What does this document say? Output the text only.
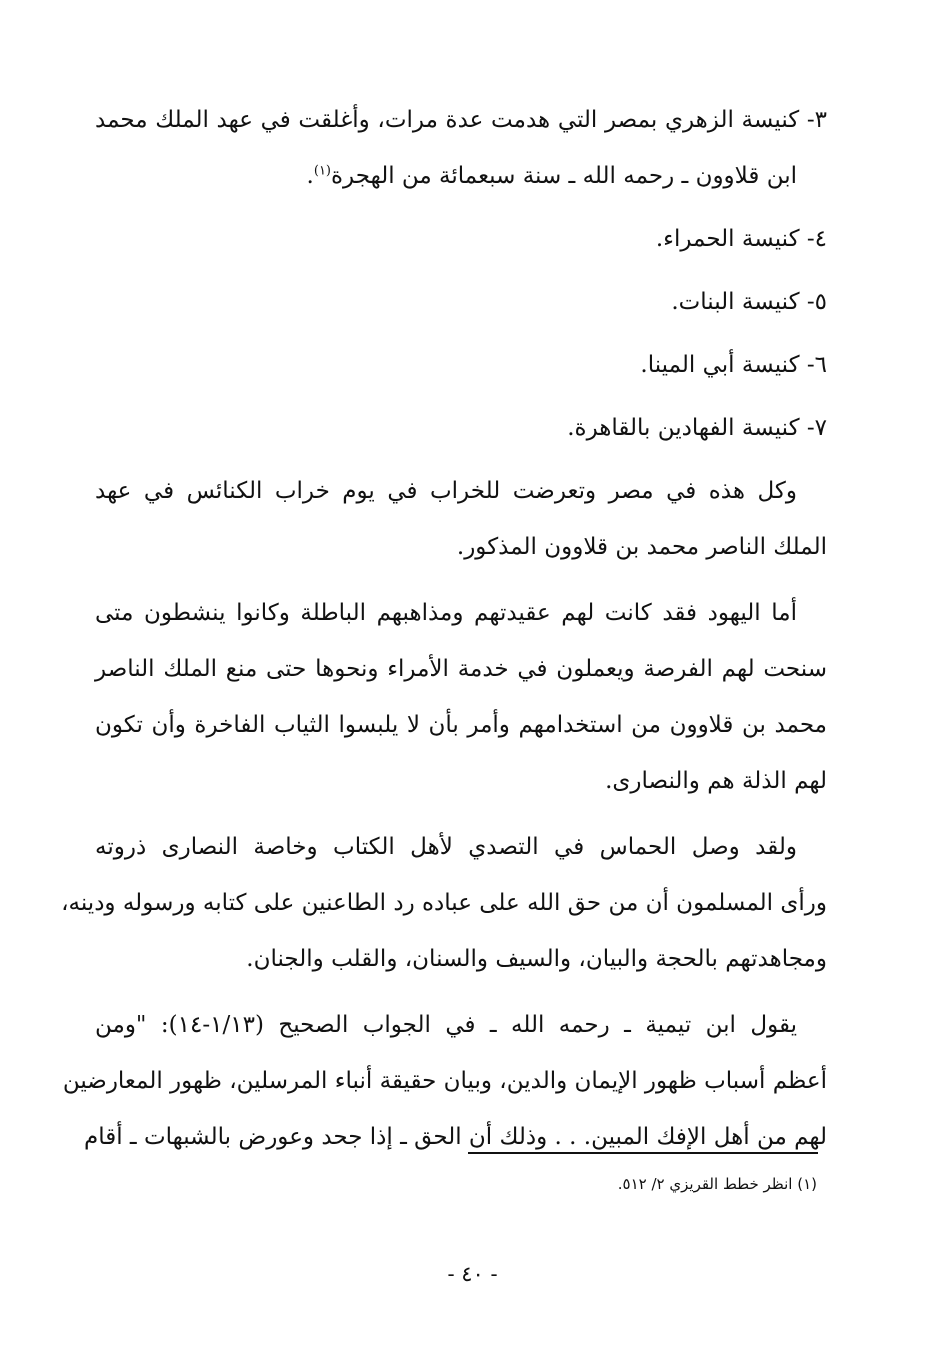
٣- كنيسة الزهري بمصر التي هدمت عدة مرات، وأغلقت في عهد الملك محمد
ابن قلاوون ـ رحمه الله ـ سنة سبعمائة من الهجرة$^{(١)}$.
٤- كنيسة الحمراء.
٥- كنيسة البنات.
٦- كنيسة أبي المينا.
٧- كنيسة الفهادين بالقاهرة.
وكل هذه في مصر وتعرضت للخراب في يوم خراب الكنائس في عهد
الملك الناصر محمد بن قلاوون المذكور.
أما اليهود فقد كانت لهم عقيدتهم ومذاهبهم الباطلة وكانوا ينشطون متى
سنحت لهم الفرصة ويعملون في خدمة الأمراء ونحوها حتى منع الملك الناصر
محمد بن قلاوون من استخدامهم وأمر بأن لا يلبسوا الثياب الفاخرة وأن تكون
لهم الذلة هم والنصارى.
ولقد وصل الحماس في التصدي لأهل الكتاب وخاصة النصارى ذروته
ورأى المسلمون أن من حق الله على عباده رد الطاعنين على كتابه ورسوله ودينه،
ومجاهدتهم بالحجة والبيان، والسيف والسنان، والقلب والجنان.
يقول ابن تيمية ـ رحمه الله ـ في الجواب الصحيح (١/١٣-١٤): "ومن
أعظم أسباب ظهور الإيمان والدين، وبيان حقيقة أنباء المرسلين، ظهور المعارضين
لهم من أهل الإفك المبين. . . وذلك أن الحق ـ إذا جحد وعورض بالشبهات ـ أقام
(١) انظر خطط القريزي ٢/ ٥١٢.
- ٤٠ -
